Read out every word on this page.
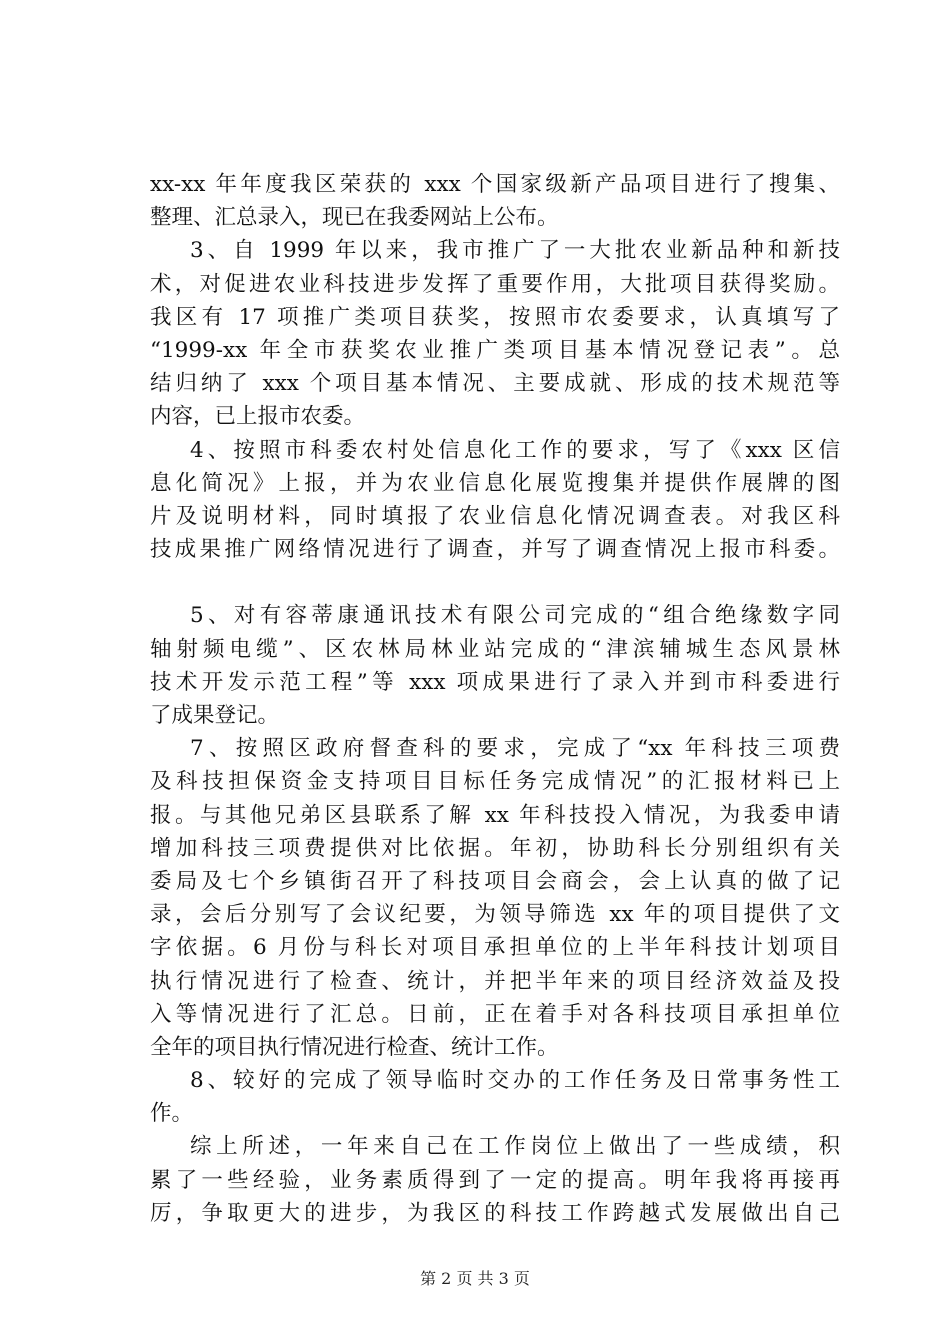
xx-xx 年年度我区荣获的 xxx 个国家级新产品项目进行了搜集、
整理、汇总录入，现已在我委网站上公布。
3、自 1999 年以来，我市推广了一大批农业新品种和新技
术，对促进农业科技进步发挥了重要作用，大批项目获得奖励。
我区有 17 项推广类项目获奖，按照市农委要求，认真填写了
“1999-xx 年全市获奖农业推广类项目基本情况登记表”。总
结归纳了 xxx 个项目基本情况、主要成就、形成的技术规范等
内容，已上报市农委。
4、按照市科委农村处信息化工作的要求，写了《xxx 区信
息化简况》上报，并为农业信息化展览搜集并提供作展牌的图
片及说明材料，同时填报了农业信息化情况调查表。对我区科
技成果推广网络情况进行了调查，并写了调查情况上报市科委。
5、对有容蒂康通讯技术有限公司完成的“组合绝缘数字同
轴射频电缆”、区农林局林业站完成的“津滨辅城生态风景林
技术开发示范工程”等 xxx 项成果进行了录入并到市科委进行
了成果登记。
7、按照区政府督查科的要求，完成了“xx 年科技三项费
及科技担保资金支持项目目标任务完成情况”的汇报材料已上
报。与其他兄弟区县联系了解 xx 年科技投入情况，为我委申请
增加科技三项费提供对比依据。年初，协助科长分别组织有关
委局及七个乡镇街召开了科技项目会商会，会上认真的做了记
录，会后分别写了会议纪要，为领导筛选 xx 年的项目提供了文
字依据。6 月份与科长对项目承担单位的上半年科技计划项目
执行情况进行了检查、统计，并把半年来的项目经济效益及投
入等情况进行了汇总。日前，正在着手对各科技项目承担单位
全年的项目执行情况进行检查、统计工作。
8、较好的完成了领导临时交办的工作任务及日常事务性工
作。
综上所述，一年来自己在工作岗位上做出了一些成绩，积
累了一些经验，业务素质得到了一定的提高。明年我将再接再
厉，争取更大的进步，为我区的科技工作跨越式发展做出自己
第 2 页 共 3 页
